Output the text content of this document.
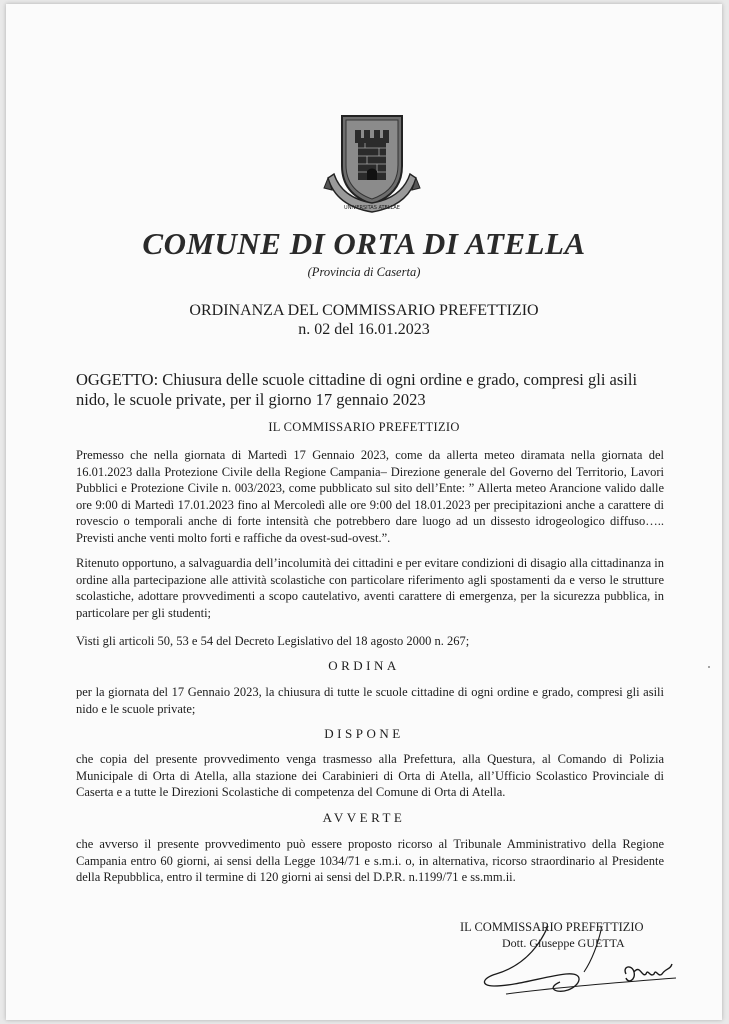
UNIVERSITAS ATELLAE
COMUNE DI ORTA DI ATELLA
(Provincia di Caserta)
ORDINANZA DEL COMMISSARIO PREFETTIZIO
n. 02 del 16.01.2023
OGGETTO: Chiusura delle scuole cittadine di ogni ordine e grado, compresi gli asili nido, le scuole private, per il giorno 17 gennaio 2023
IL COMMISSARIO PREFETTIZIO
Premesso che nella giornata di Martedì 17 Gennaio 2023, come da allerta meteo diramata nella giornata del 16.01.2023 dalla Protezione Civile della Regione Campania– Direzione generale del Governo del Territorio, Lavori Pubblici e Protezione Civile n. 003/2023, come pubblicato sul sito dell’Ente: ” Allerta meteo Arancione valido dalle ore 9:00 di Martedì 17.01.2023 fino al Mercoledì alle ore 9:00 del 18.01.2023 per precipitazioni anche a carattere di rovescio o temporali anche di forte intensità che potrebbero dare luogo ad un dissesto idrogeologico diffuso….. Previsti anche venti molto forti e raffiche da ovest-sud-ovest.”.
Ritenuto opportuno, a salvaguardia dell’incolumità dei cittadini e per evitare condizioni di disagio alla cittadinanza in ordine alla partecipazione alle attività scolastiche con particolare riferimento agli spostamenti da e verso le strutture scolastiche, adottare provvedimenti a scopo cautelativo, aventi carattere di emergenza, per la sicurezza pubblica, in particolare per gli studenti;
Visti gli articoli 50, 53 e 54 del Decreto Legislativo del 18 agosto 2000 n. 267;
ORDINA
per la giornata del 17 Gennaio 2023, la chiusura di tutte le scuole cittadine di ogni ordine e grado, compresi gli asili nido e le scuole private;
DISPONE
che copia del presente provvedimento venga trasmesso alla Prefettura, alla Questura, al Comando di Polizia Municipale di Orta di Atella, alla stazione dei Carabinieri di Orta di Atella, all’Ufficio Scolastico Provinciale di Caserta e a tutte le Direzioni Scolastiche di competenza del Comune di Orta di Atella.
AVVERTE
che avverso il presente provvedimento può essere proposto ricorso al Tribunale Amministrativo della Regione Campania entro 60 giorni, ai sensi della Legge 1034/71 e s.m.i. o, in alternativa, ricorso straordinario al Presidente della Repubblica, entro il termine di 120 giorni ai sensi del D.P.R. n.1199/71 e ss.mm.ii.
IL COMMISSARIO PREFETTIZIO
Dott. Giuseppe GUETTA
